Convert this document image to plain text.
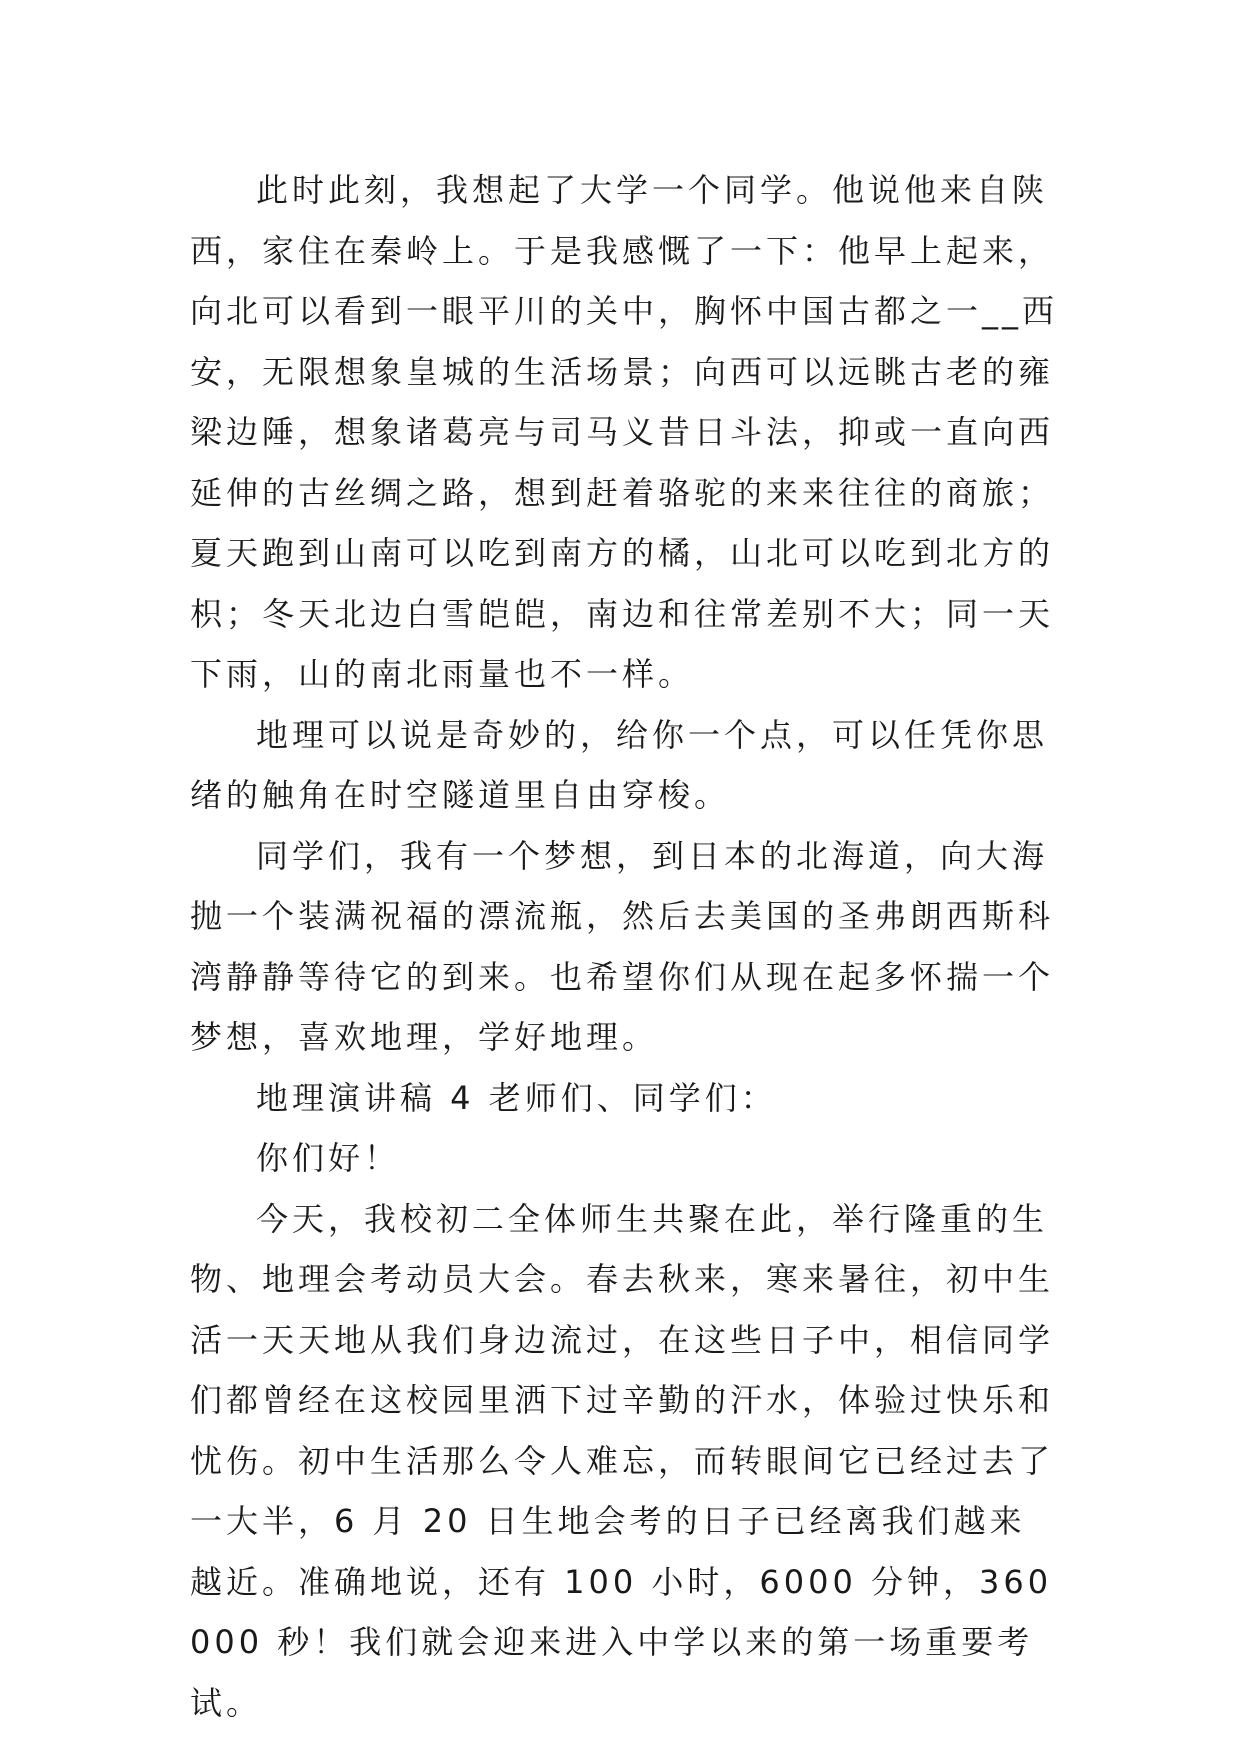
此时此刻，我想起了大学一个同学。他说他来自陕西，家住在秦岭上。于是我感慨了一下：他早上起来，向北可以看到一眼平川的关中，胸怀中国古都之一__西安，无限想象皇城的生活场景；向西可以远眺古老的雍梁边陲，想象诸葛亮与司马义昔日斗法，抑或一直向西延伸的古丝绸之路，想到赶着骆驼的来来往往的商旅；夏天跑到山南可以吃到南方的橘，山北可以吃到北方的枳；冬天北边白雪皑皑，南边和往常差别不大；同一天下雨，山的南北雨量也不一样。

地理可以说是奇妙的，给你一个点，可以任凭你思绪的触角在时空隧道里自由穿梭。

同学们，我有一个梦想，到日本的北海道，向大海抛一个装满祝福的漂流瓶，然后去美国的圣弗朗西斯科湾静静等待它的到来。也希望你们从现在起多怀揣一个梦想，喜欢地理，学好地理。

地理演讲稿 4 老师们、同学们：

你们好！

今天，我校初二全体师生共聚在此，举行隆重的生物、地理会考动员大会。春去秋来，寒来暑往，初中生活一天天地从我们身边流过，在这些日子中，相信同学们都曾经在这校园里洒下过辛勤的汗水，体验过快乐和忧伤。初中生活那么令人难忘，而转眼间它已经过去了一大半，6 月 20 日生地会考的日子已经离我们越来越近。准确地说，还有 100 小时，6000 分钟，360000 秒！我们就会迎来进入中学以来的第一场重要考试。
